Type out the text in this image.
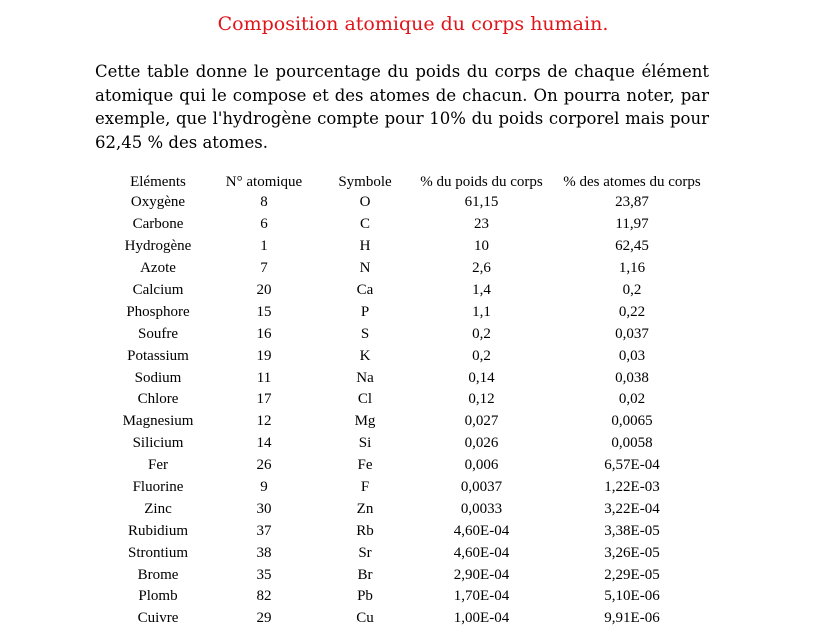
Composition atomique du corps humain.

Cette table donne le pourcentage du poids du corps de chaque élément atomique qui le compose et des atomes de chacun. On pourra noter, par exemple, que l'hydrogène compte pour 10% du poids corporel mais pour 62,45 % des atomes.

Eléments	N° atomique	Symbole	% du poids du corps	% des atomes du corps
Oxygène	8	O	61,15	23,87
Carbone	6	C	23	11,97
Hydrogène	1	H	10	62,45
Azote	7	N	2,6	1,16
Calcium	20	Ca	1,4	0,2
Phosphore	15	P	1,1	0,22
Soufre	16	S	0,2	0,037
Potassium	19	K	0,2	0,03
Sodium	11	Na	0,14	0,038
Chlore	17	Cl	0,12	0,02
Magnesium	12	Mg	0,027	0,0065
Silicium	14	Si	0,026	0,0058
Fer	26	Fe	0,006	6,57E-04
Fluorine	9	F	0,0037	1,22E-03
Zinc	30	Zn	0,0033	3,22E-04
Rubidium	37	Rb	4,60E-04	3,38E-05
Strontium	38	Sr	4,60E-04	3,26E-05
Brome	35	Br	2,90E-04	2,29E-05
Plomb	82	Pb	1,70E-04	5,10E-06
Cuivre	29	Cu	1,00E-04	9,91E-06
